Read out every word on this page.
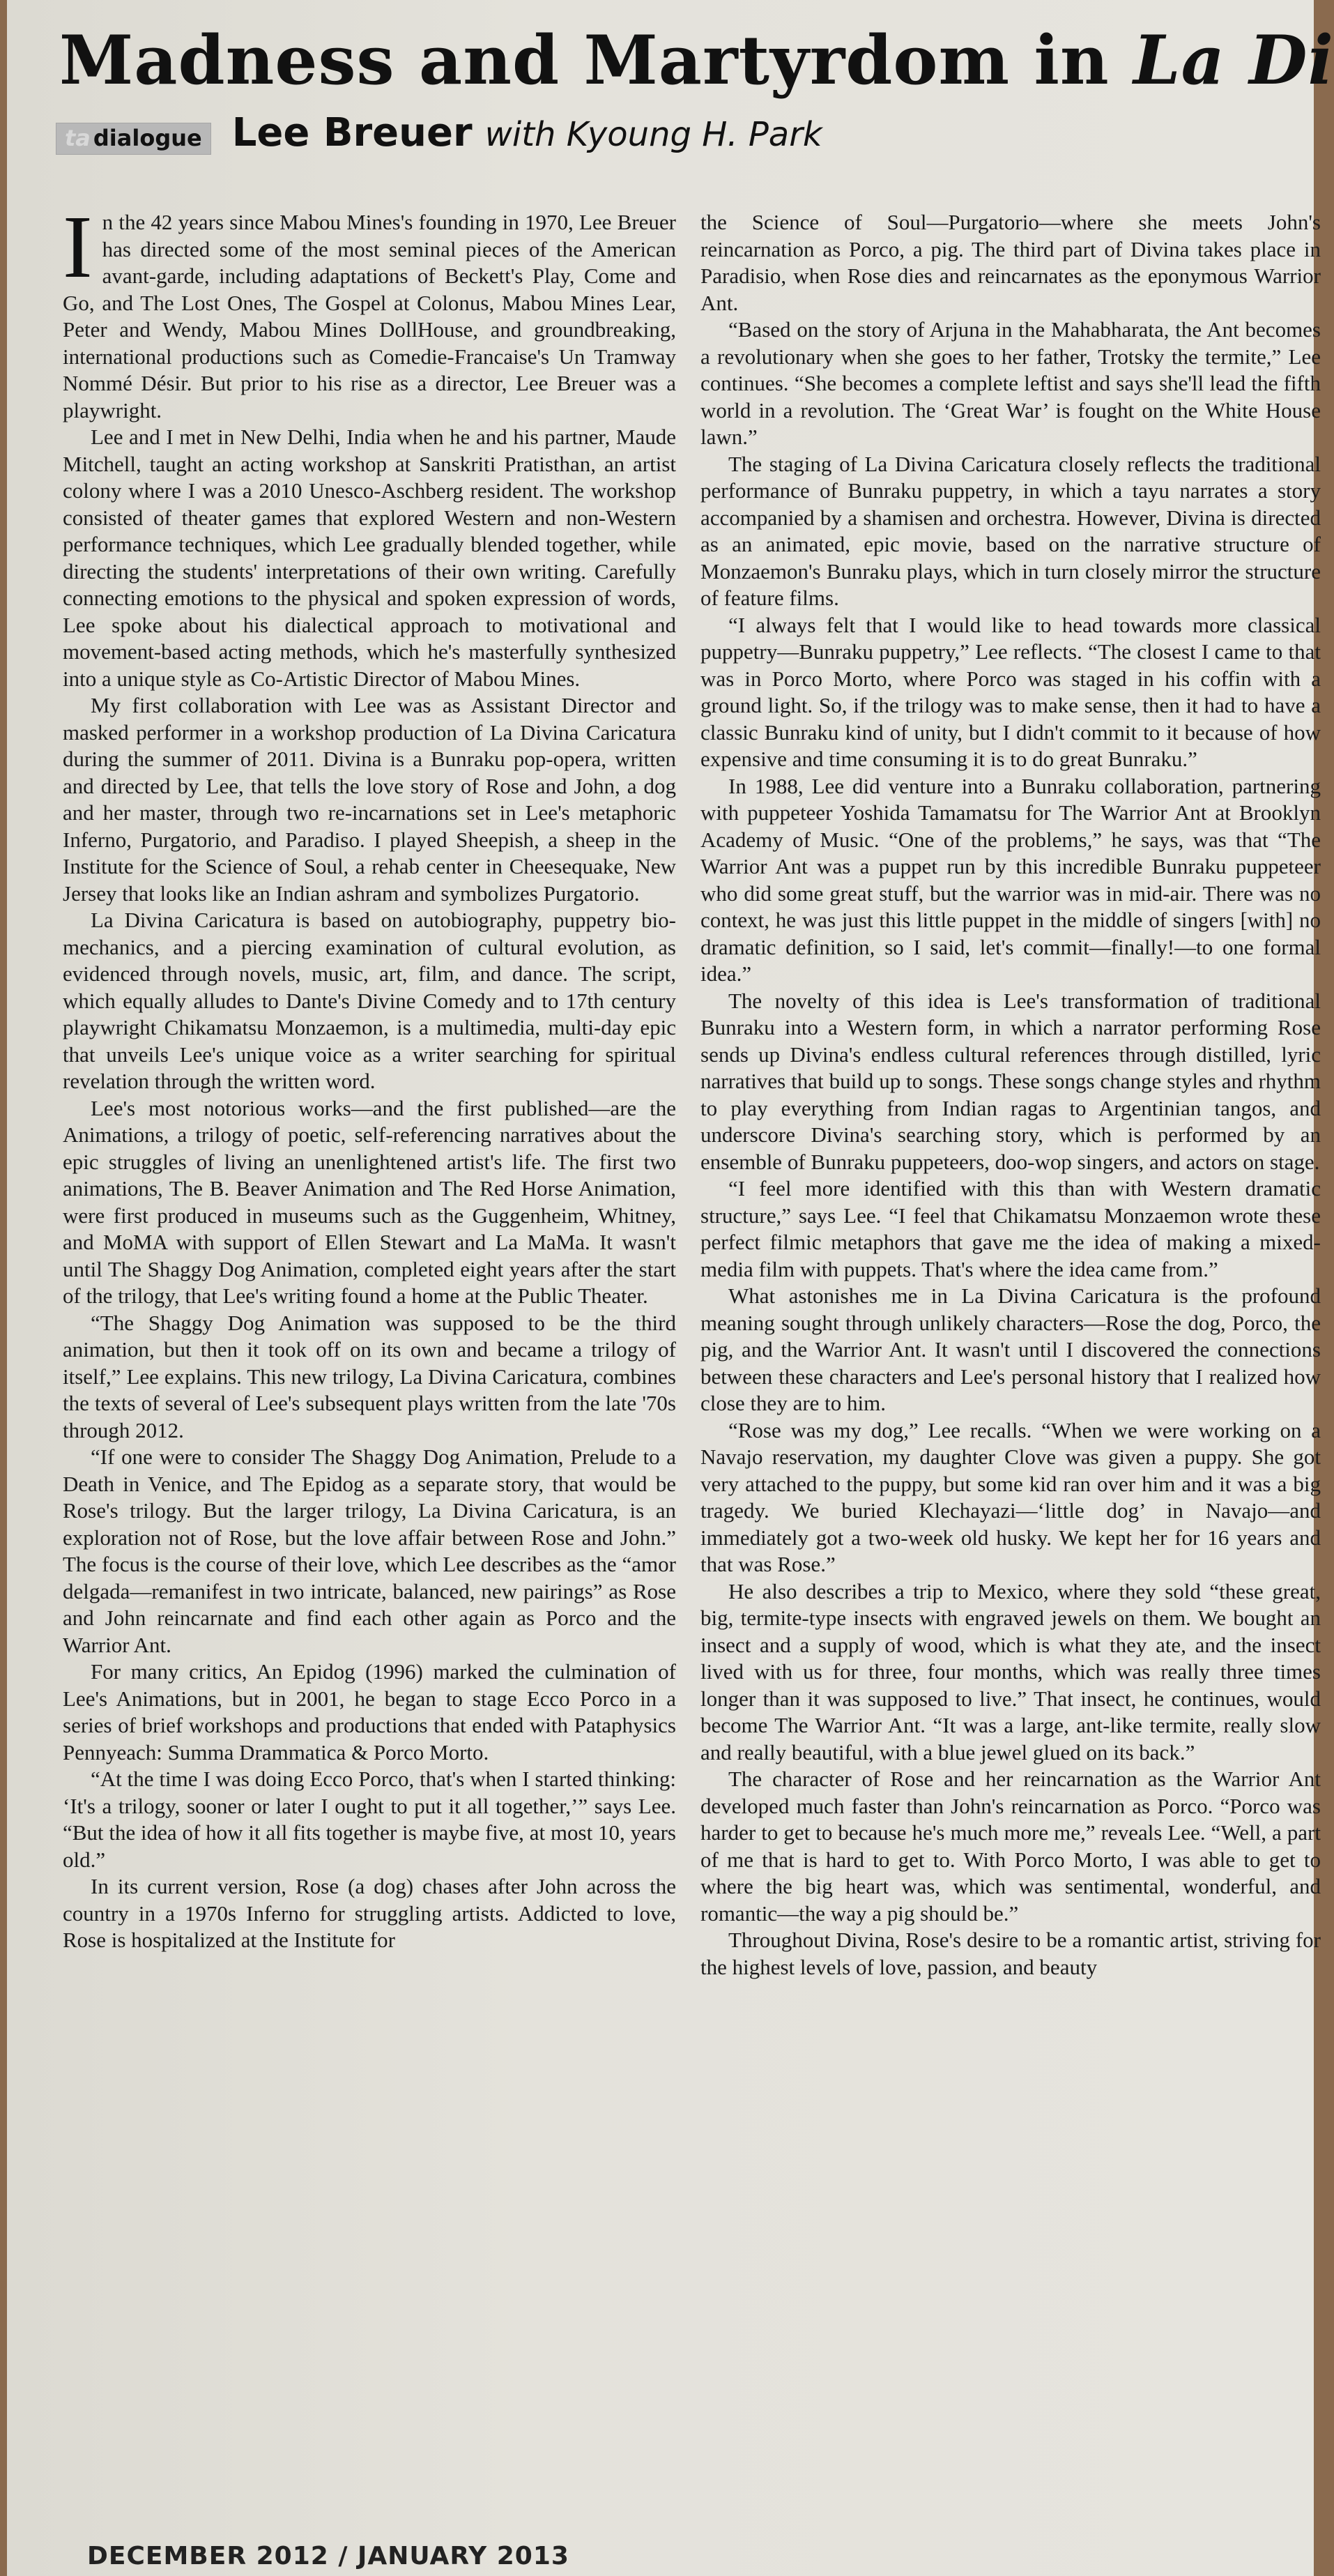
Madness and Martyrdom in La Di
ta dialogue Lee Breuer with Kyoung H. Park

In the 42 years since Mabou Mines's founding in 1970, Lee Breuer has directed some of the most seminal pieces of the American avant-garde, including adaptations of Beckett's Play, Come and Go, and The Lost Ones, The Gospel at Colonus, Mabou Mines Lear, Peter and Wendy, Mabou Mines DollHouse, and groundbreaking, international productions such as Comedie-Francaise's Un Tramway Nommé Désir. But prior to his rise as a director, Lee Breuer was a playwright.

Lee and I met in New Delhi, India when he and his partner, Maude Mitchell, taught an acting workshop at Sanskriti Pratisthan, an artist colony where I was a 2010 Unesco-Aschberg resident. The workshop consisted of theater games that explored Western and non-Western performance techniques, which Lee gradually blended together, while directing the students' interpretations of their own writing. Carefully connecting emotions to the physical and spoken expression of words, Lee spoke about his dialectical approach to motivational and movement-based acting methods, which he's masterfully synthesized into a unique style as Co-Artistic Director of Mabou Mines.

My first collaboration with Lee was as Assistant Director and masked performer in a workshop production of La Divina Caricatura during the summer of 2011. Divina is a Bunraku pop-opera, written and directed by Lee, that tells the love story of Rose and John, a dog and her master, through two re-incarnations set in Lee's metaphoric Inferno, Purgatorio, and Paradiso. I played Sheepish, a sheep in the Institute for the Science of Soul, a rehab center in Cheesequake, New Jersey that looks like an Indian ashram and symbolizes Purgatorio.

La Divina Caricatura is based on autobiography, puppetry bio-mechanics, and a piercing examination of cultural evolution, as evidenced through novels, music, art, film, and dance. The script, which equally alludes to Dante's Divine Comedy and to 17th century playwright Chikamatsu Monzaemon, is a multimedia, multi-day epic that unveils Lee's unique voice as a writer searching for spiritual revelation through the written word.

Lee's most notorious works—and the first published—are the Animations, a trilogy of poetic, self-referencing narratives about the epic struggles of living an unenlightened artist's life. The first two animations, The B. Beaver Animation and The Red Horse Animation, were first produced in museums such as the Guggenheim, Whitney, and MoMA with support of Ellen Stewart and La MaMa. It wasn't until The Shaggy Dog Animation, completed eight years after the start of the trilogy, that Lee's writing found a home at the Public Theater.

“The Shaggy Dog Animation was supposed to be the third animation, but then it took off on its own and became a trilogy of itself,” Lee explains. This new trilogy, La Divina Caricatura, combines the texts of several of Lee's subsequent plays written from the late '70s through 2012.

“If one were to consider The Shaggy Dog Animation, Prelude to a Death in Venice, and The Epidog as a separate story, that would be Rose's trilogy. But the larger trilogy, La Divina Caricatura, is an exploration not of Rose, but the love affair between Rose and John.” The focus is the course of their love, which Lee describes as the “amor delgada—remanifest in two intricate, balanced, new pairings” as Rose and John reincarnate and find each other again as Porco and the Warrior Ant.

For many critics, An Epidog (1996) marked the culmination of Lee's Animations, but in 2001, he began to stage Ecco Porco in a series of brief workshops and productions that ended with Pataphysics Pennyeach: Summa Drammatica & Porco Morto.

“At the time I was doing Ecco Porco, that's when I started thinking: ‘It's a trilogy, sooner or later I ought to put it all together,’” says Lee. “But the idea of how it all fits together is maybe five, at most 10, years old.”

In its current version, Rose (a dog) chases after John across the country in a 1970s Inferno for struggling artists. Addicted to love, Rose is hospitalized at the Institute for

the Science of Soul—Purgatorio—where she meets John's reincarnation as Porco, a pig. The third part of Divina takes place in Paradisio, when Rose dies and reincarnates as the eponymous Warrior Ant.

“Based on the story of Arjuna in the Mahabharata, the Ant becomes a revolutionary when she goes to her father, Trotsky the termite,” Lee continues. “She becomes a complete leftist and says she'll lead the fifth world in a revolution. The ‘Great War’ is fought on the White House lawn.”

The staging of La Divina Caricatura closely reflects the traditional performance of Bunraku puppetry, in which a tayu narrates a story accompanied by a shamisen and orchestra. However, Divina is directed as an animated, epic movie, based on the narrative structure of Monzaemon's Bunraku plays, which in turn closely mirror the structure of feature films.

“I always felt that I would like to head towards more classical puppetry—Bunraku puppetry,” Lee reflects. “The closest I came to that was in Porco Morto, where Porco was staged in his coffin with a ground light. So, if the trilogy was to make sense, then it had to have a classic Bunraku kind of unity, but I didn't commit to it because of how expensive and time consuming it is to do great Bunraku.”

In 1988, Lee did venture into a Bunraku collaboration, partnering with puppeteer Yoshida Tamamatsu for The Warrior Ant at Brooklyn Academy of Music. “One of the problems,” he says, was that “The Warrior Ant was a puppet run by this incredible Bunraku puppeteer who did some great stuff, but the warrior was in mid-air. There was no context, he was just this little puppet in the middle of singers [with] no dramatic definition, so I said, let's commit—finally!—to one formal idea.”

The novelty of this idea is Lee's transformation of traditional Bunraku into a Western form, in which a narrator performing Rose sends up Divina's endless cultural references through distilled, lyric narratives that build up to songs. These songs change styles and rhythm to play everything from Indian ragas to Argentinian tangos, and underscore Divina's searching story, which is performed by an ensemble of Bunraku puppeteers, doo-wop singers, and actors on stage.

“I feel more identified with this than with Western dramatic structure,” says Lee. “I feel that Chikamatsu Monzaemon wrote these perfect filmic metaphors that gave me the idea of making a mixed-media film with puppets. That's where the idea came from.”

What astonishes me in La Divina Caricatura is the profound meaning sought through unlikely characters—Rose the dog, Porco, the pig, and the Warrior Ant. It wasn't until I discovered the connections between these characters and Lee's personal history that I realized how close they are to him.

“Rose was my dog,” Lee recalls. “When we were working on a Navajo reservation, my daughter Clove was given a puppy. She got very attached to the puppy, but some kid ran over him and it was a big tragedy. We buried Klechayazi—‘little dog’ in Navajo—and immediately got a two-week old husky. We kept her for 16 years and that was Rose.”

He also describes a trip to Mexico, where they sold “these great, big, termite-type insects with engraved jewels on them. We bought an insect and a supply of wood, which is what they ate, and the insect lived with us for three, four months, which was really three times longer than it was supposed to live.” That insect, he continues, would become The Warrior Ant. “It was a large, ant-like termite, really slow and really beautiful, with a blue jewel glued on its back.”

The character of Rose and her reincarnation as the Warrior Ant developed much faster than John's reincarnation as Porco. “Porco was harder to get to because he's much more me,” reveals Lee. “Well, a part of me that is hard to get to. With Porco Morto, I was able to get to where the big heart was, which was sentimental, wonderful, and romantic—the way a pig should be.”

Throughout Divina, Rose's desire to be a romantic artist, striving for the highest levels of love, passion, and beauty

DECEMBER 2012 / JANUARY 2013
